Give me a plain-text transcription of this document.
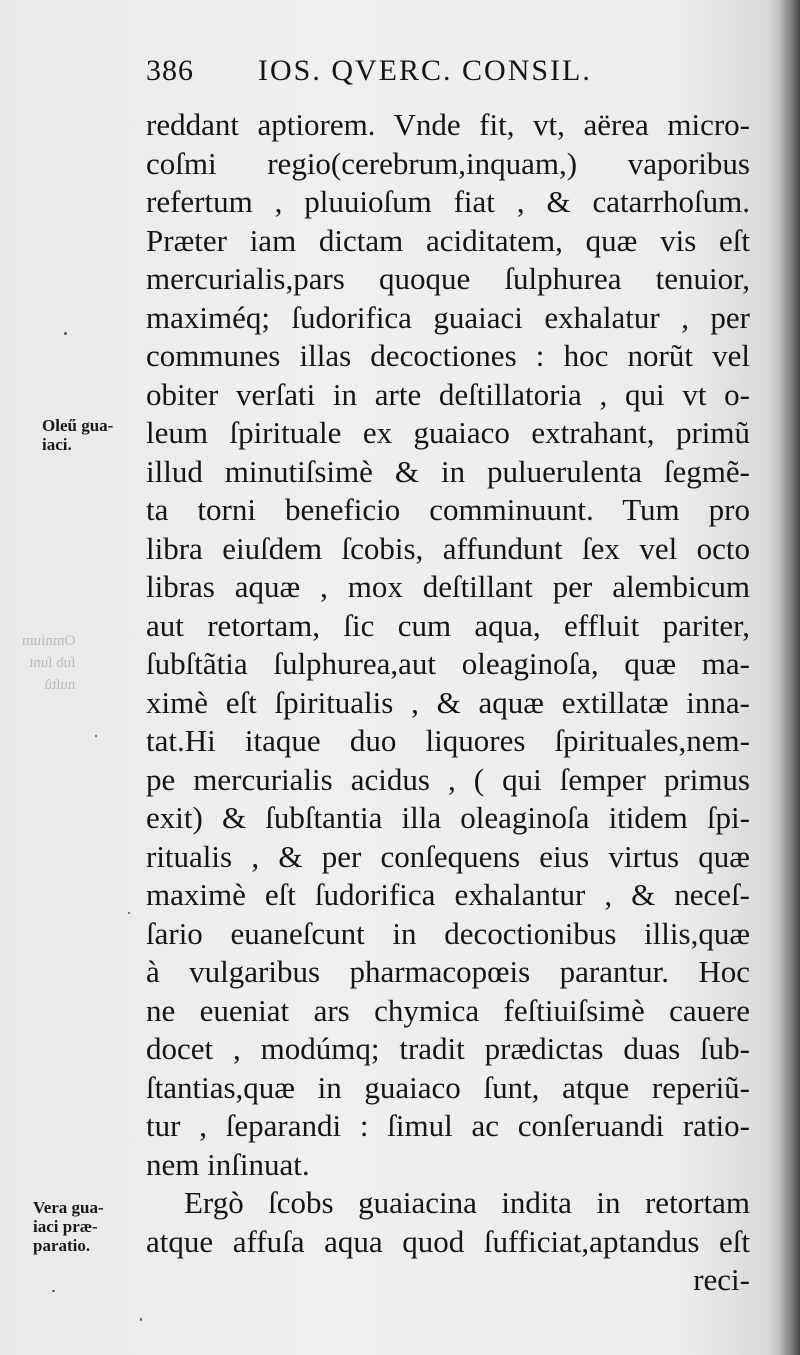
Omnium
ſub ſunt
nuſtũ
386 IOS. QVERC. CONSIL.
Oleű gua-
iaci.
Vera gua-
iaci præ-
paratio.
reddant aptiorem. Vnde fit, vt, aërea micro-
coſmi regio(cerebrum,inquam,) vaporibus
refertum , pluuioſum fiat , & catarrhoſum.
Præter iam dictam aciditatem, quæ vis eſt
mercurialis,pars quoque ſulphurea tenuior,
maximéq; ſudorifica guaiaci exhalatur , per
communes illas decoctiones : hoc norũt vel
obiter verſati in arte deſtillatoria , qui vt o-
leum ſpirituale ex guaiaco extrahant, primũ
illud minutiſsimè & in puluerulenta ſegmẽ-
ta torni beneficio comminuunt. Tum pro
libra eiuſdem ſcobis, affundunt ſex vel octo
libras aquæ , mox deſtillant per alembicum
aut retortam, ſic cum aqua, effluit pariter,
ſubſtãtia ſulphurea,aut oleaginoſa, quæ ma-
ximè eſt ſpiritualis , & aquæ extillatæ inna-
tat.Hi itaque duo liquores ſpirituales,nem-
pe mercurialis acidus , ( qui ſemper primus
exit) & ſubſtantia illa oleaginoſa itidem ſpi-
ritualis , & per conſequens eius virtus quæ
maximè eſt ſudorifica exhalantur , & neceſ-
ſario euaneſcunt in decoctionibus illis,quæ
à vulgaribus pharmacopœis parantur. Hoc
ne eueniat ars chymica feſtiuiſsimè cauere
docet , modúmq; tradit prædictas duas ſub-
ſtantias,quæ in guaiaco ſunt, atque reperiũ-
tur , ſeparandi : ſimul ac conſeruandi ratio-
nem inſinuat.
Ergò ſcobs guaiacina indita in retortam
atque affuſa aqua quod ſufficiat,aptandus eſt
reci-
